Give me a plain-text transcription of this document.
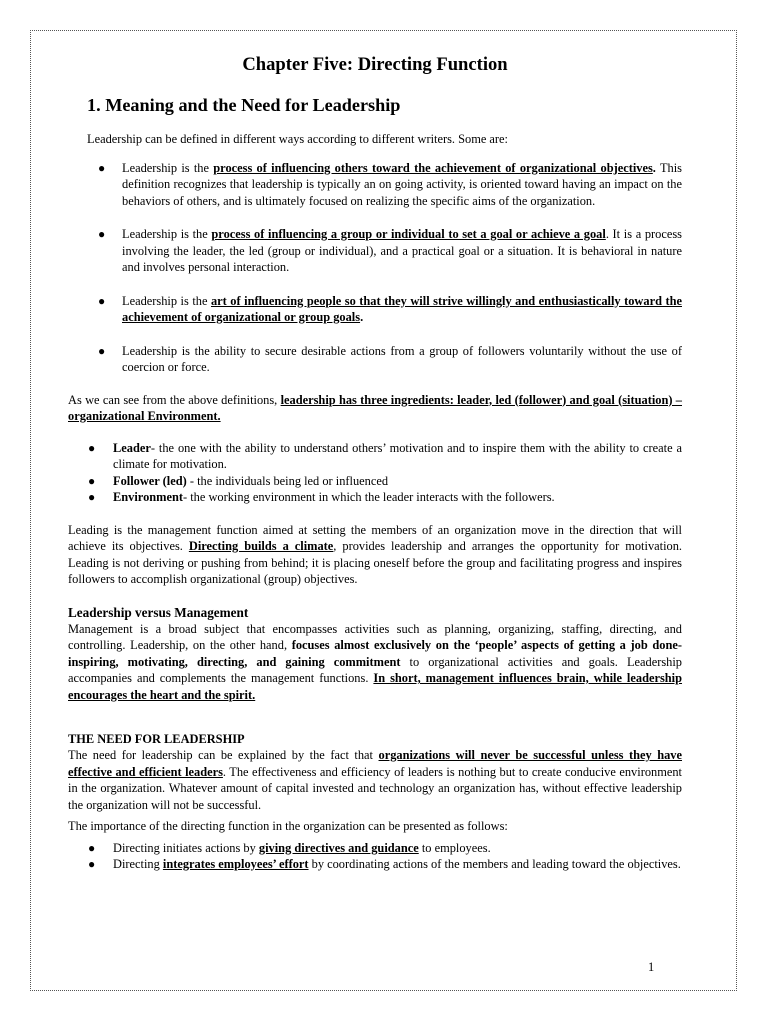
Chapter Five: Directing Function
1. Meaning and the Need for Leadership

Leadership can be defined in different ways according to different writers. Some are:

● Leadership is the process of influencing others toward the achievement of organizational objectives. This definition recognizes that leadership is typically an on going activity, is oriented toward having an impact on the behaviors of others, and is ultimately focused on realizing the specific aims of the organization.
● Leadership is the process of influencing a group or individual to set a goal or achieve a goal. It is a process involving the leader, the led (group or individual), and a practical goal or a situation. It is behavioral in nature and involves personal interaction.
● Leadership is the art of influencing people so that they will strive willingly and enthusiastically toward the achievement of organizational or group goals.
● Leadership is the ability to secure desirable actions from a group of followers voluntarily without the use of coercion or force.

As we can see from the above definitions, leadership has three ingredients: leader, led (follower) and goal (situation) – organizational Environment.

● Leader- the one with the ability to understand others’ motivation and to inspire them with the ability to create a climate for motivation.
● Follower (led) - the individuals being led or influenced
● Environment- the working environment in which the leader interacts with the followers.

Leading is the management function aimed at setting the members of an organization move in the direction that will achieve its objectives. Directing builds a climate, provides leadership and arranges the opportunity for motivation. Leading is not deriving or pushing from behind; it is placing oneself before the group and facilitating progress and inspires followers to accomplish organizational (group) objectives.

Leadership versus Management

Management is a broad subject that encompasses activities such as planning, organizing, staffing, directing, and controlling. Leadership, on the other hand, focuses almost exclusively on the ‘people’ aspects of getting a job done-inspiring, motivating, directing, and gaining commitment to organizational activities and goals. Leadership accompanies and complements the management functions. In short, management influences brain, while leadership encourages the heart and the spirit.

THE NEED FOR LEADERSHIP

The need for leadership can be explained by the fact that organizations will never be successful unless they have effective and efficient leaders. The effectiveness and efficiency of leaders is nothing but to create conducive environment in the organization. Whatever amount of capital invested and technology an organization has, without effective leadership the organization will not be successful.

The importance of the directing function in the organization can be presented as follows:

● Directing initiates actions by giving directives and guidance to employees.
● Directing integrates employees’ effort by coordinating actions of the members and leading toward the objectives.
1
